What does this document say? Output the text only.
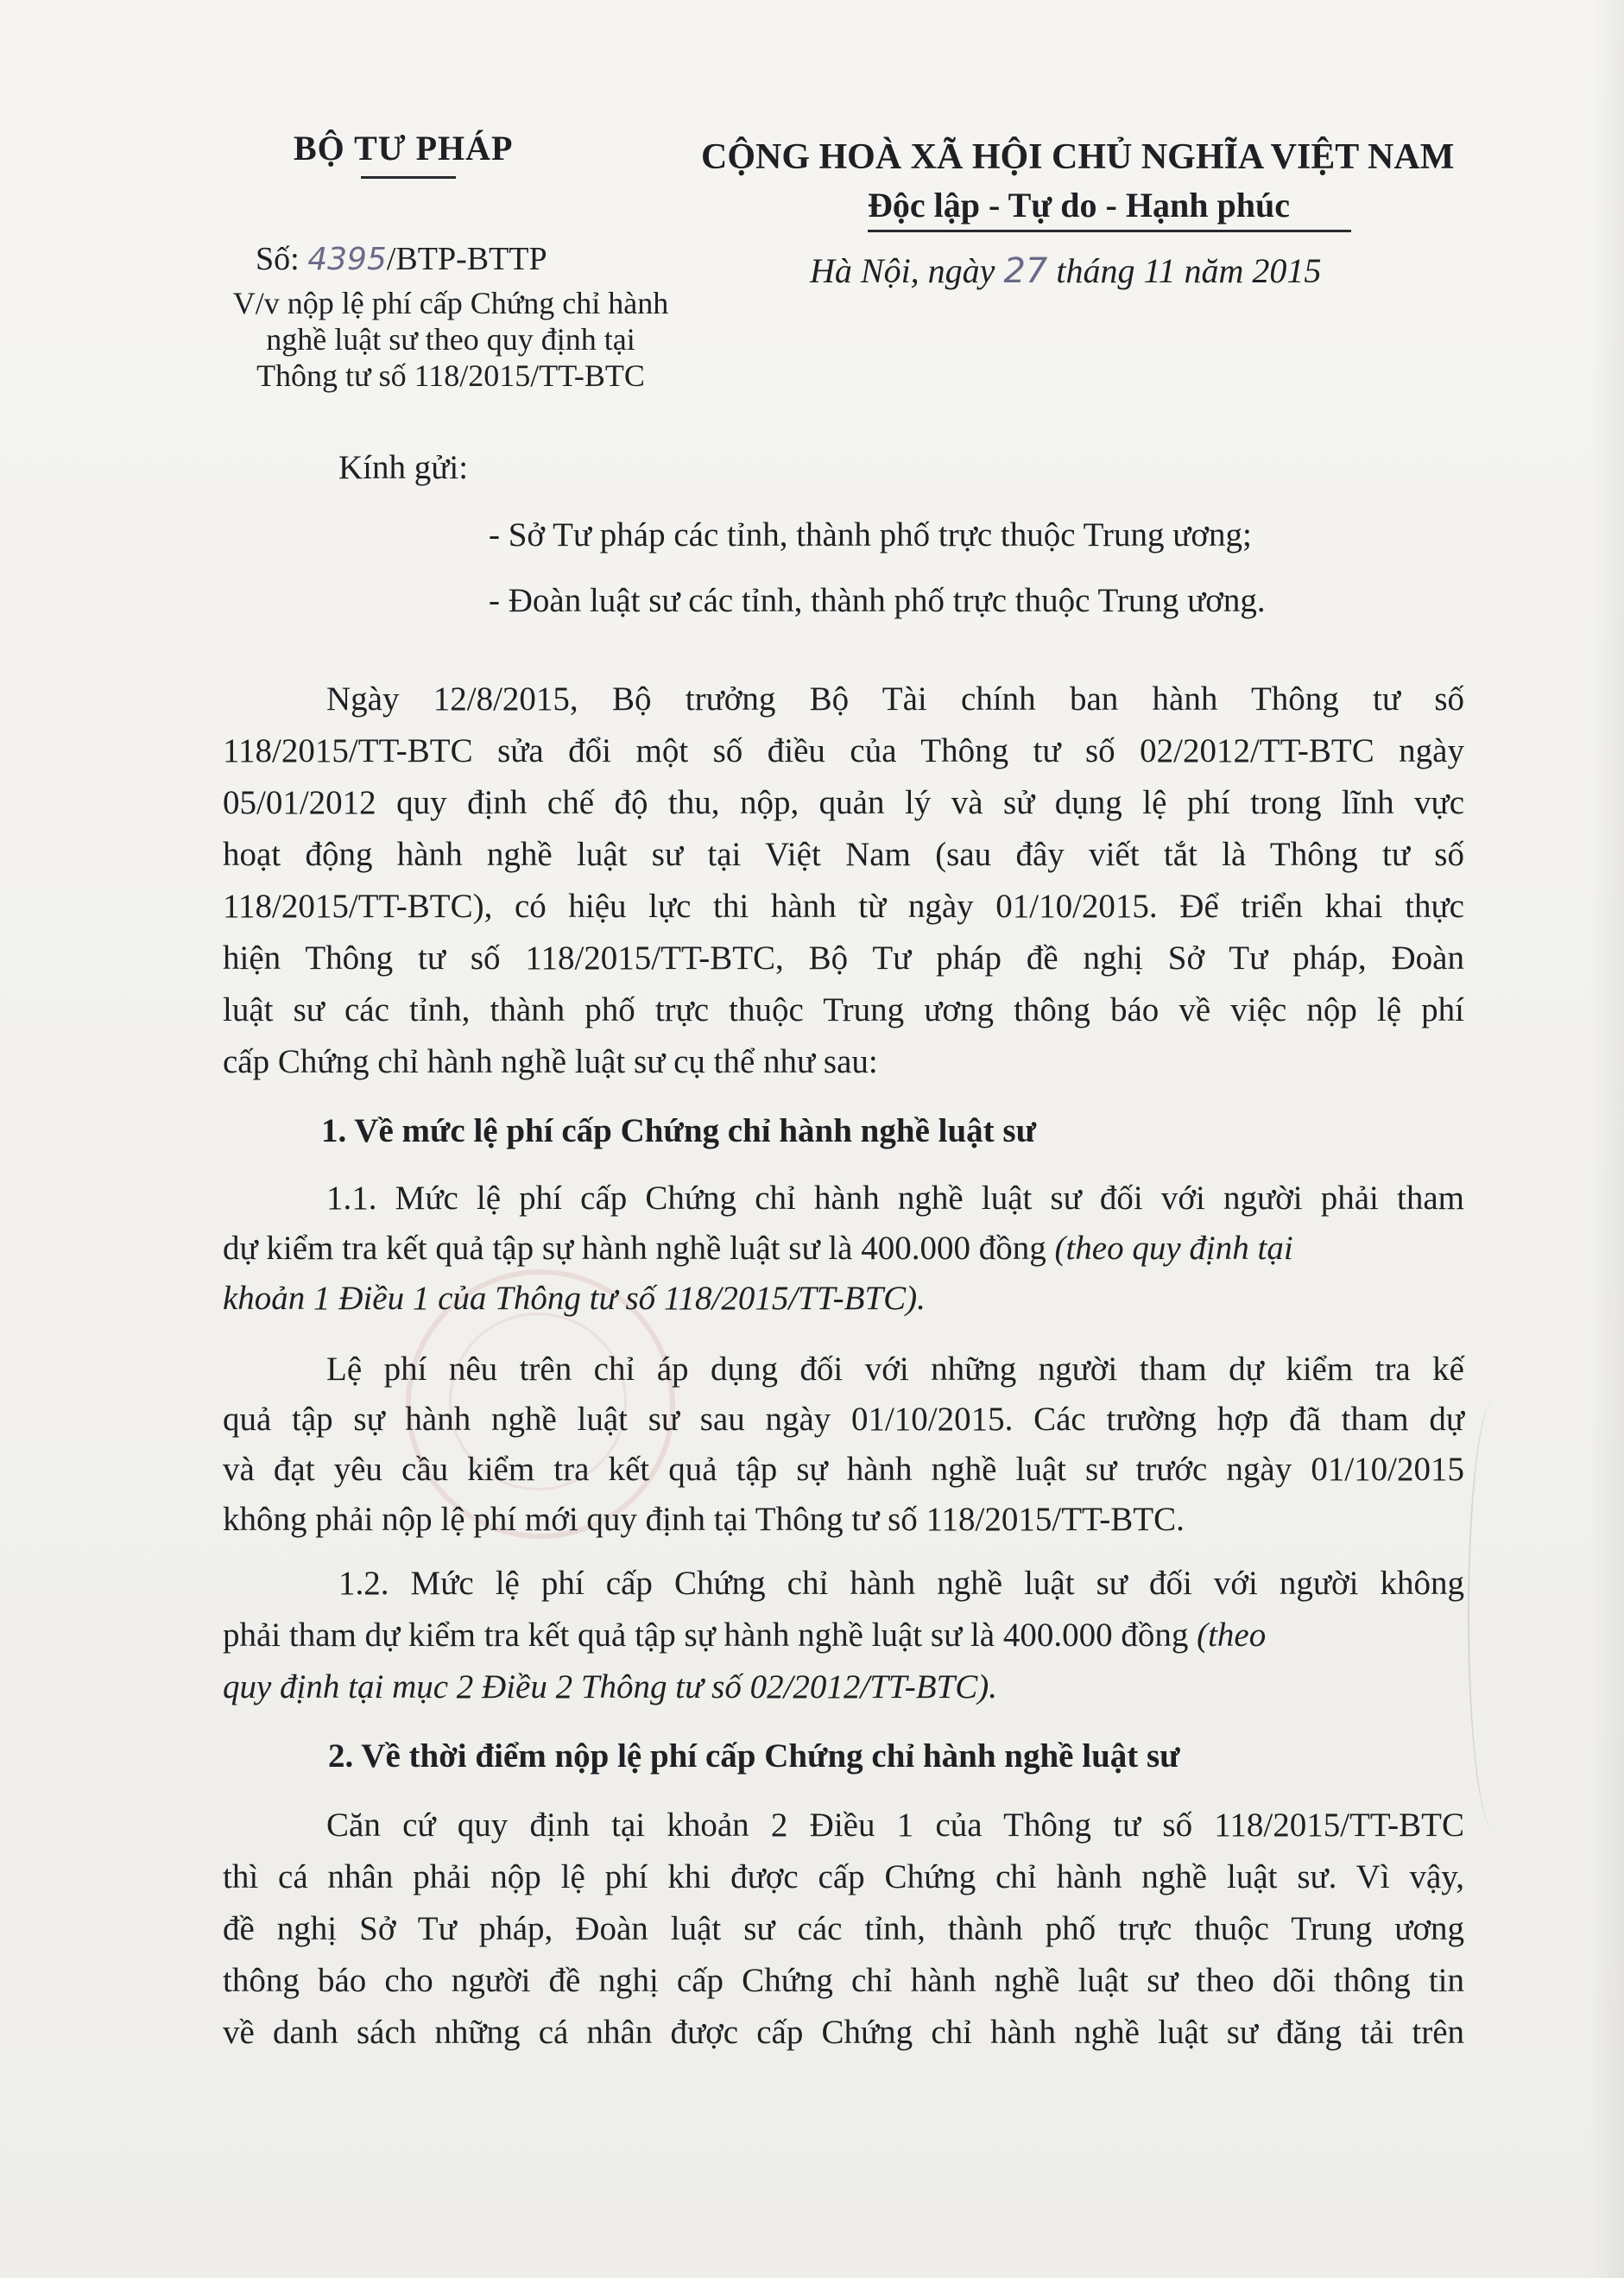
BỘ TƯ PHÁP
Số: 4395/BTP-BTTP
V/v nộp lệ phí cấp Chứng chỉ hành
nghề luật sư theo quy định tại
Thông tư số 118/2015/TT-BTC
CỘNG HOÀ XÃ HỘI CHỦ NGHĨA VIỆT NAM
Độc lập - Tự do - Hạnh phúc
Hà Nội, ngày 27 tháng 11 năm 2015
Kính gửi:
- Sở Tư pháp các tỉnh, thành phố trực thuộc Trung ương;
- Đoàn luật sư các tỉnh, thành phố trực thuộc Trung ương.
Ngày 12/8/2015, Bộ trưởng Bộ Tài chính ban hành Thông tư số
118/2015/TT-BTC sửa đổi một số điều của Thông tư số 02/2012/TT-BTC ngày
05/01/2012 quy định chế độ thu, nộp, quản lý và sử dụng lệ phí trong lĩnh vực
hoạt động hành nghề luật sư tại Việt Nam (sau đây viết tắt là Thông tư số
118/2015/TT-BTC), có hiệu lực thi hành từ ngày 01/10/2015. Để triển khai thực
hiện Thông tư số 118/2015/TT-BTC, Bộ Tư pháp đề nghị Sở Tư pháp, Đoàn
luật sư các tỉnh, thành phố trực thuộc Trung ương thông báo về việc nộp lệ phí
cấp Chứng chỉ hành nghề luật sư cụ thể như sau:
1. Về mức lệ phí cấp Chứng chỉ hành nghề luật sư
1.1. Mức lệ phí cấp Chứng chỉ hành nghề luật sư đối với người phải tham
dự kiểm tra kết quả tập sự hành nghề luật sư là 400.000 đồng (theo quy định tại
khoản 1 Điều 1 của Thông tư số 118/2015/TT-BTC).
Lệ phí nêu trên chỉ áp dụng đối với những người tham dự kiểm tra kế
quả tập sự hành nghề luật sư sau ngày 01/10/2015. Các trường hợp đã tham dự
và đạt yêu cầu kiểm tra kết quả tập sự hành nghề luật sư trước ngày 01/10/2015
không phải nộp lệ phí mới quy định tại Thông tư số 118/2015/TT-BTC.
1.2. Mức lệ phí cấp Chứng chỉ hành nghề luật sư đối với người không
phải tham dự kiểm tra kết quả tập sự hành nghề luật sư là 400.000 đồng (theo
quy định tại mục 2 Điều 2 Thông tư số 02/2012/TT-BTC).
2. Về thời điểm nộp lệ phí cấp Chứng chỉ hành nghề luật sư
Căn cứ quy định tại khoản 2 Điều 1 của Thông tư số 118/2015/TT-BTC
thì cá nhân phải nộp lệ phí khi được cấp Chứng chỉ hành nghề luật sư. Vì vậy,
đề nghị Sở Tư pháp, Đoàn luật sư các tỉnh, thành phố trực thuộc Trung ương
thông báo cho người đề nghị cấp Chứng chỉ hành nghề luật sư theo dõi thông tin
về danh sách những cá nhân được cấp Chứng chỉ hành nghề luật sư đăng tải trên
